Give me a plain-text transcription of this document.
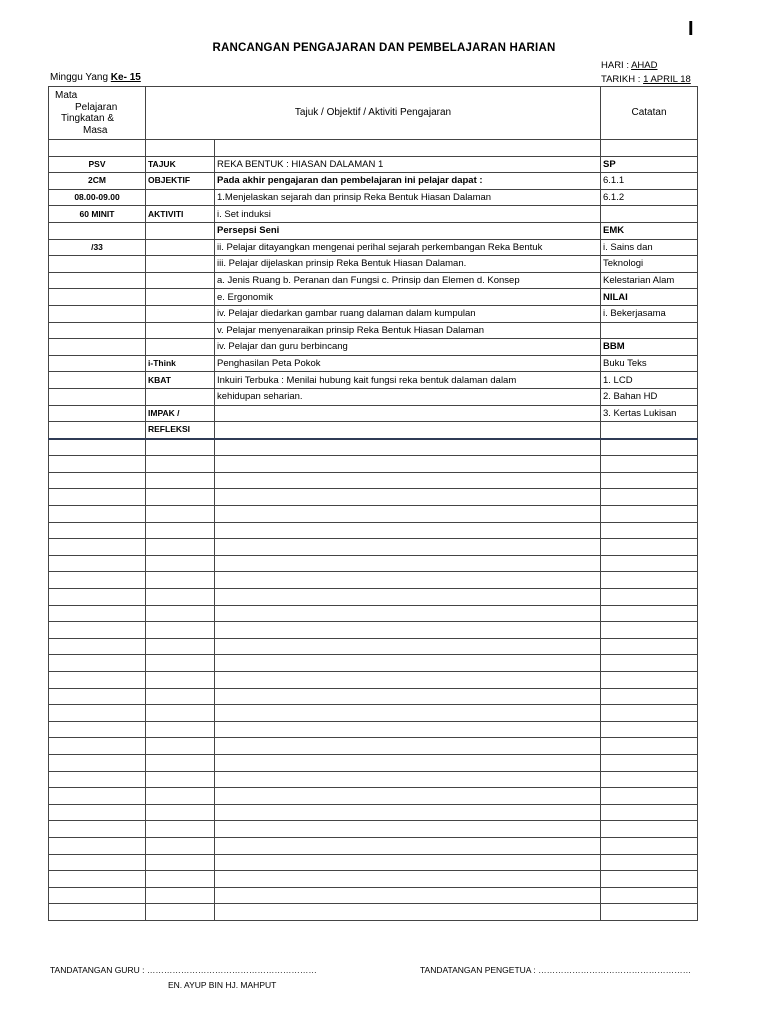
I
RANCANGAN PENGAJARAN DAN PEMBELAJARAN HARIAN
HARI : AHAD
Minggu Yang Ke- 15	TARIKH : 1 APRIL 18
Mata
Pelajaran
Tingkatan &
Masa	Tajuk / Objektif / Aktiviti Pengajaran		Catatan

PSV	TAJUK	REKA BENTUK : HIASAN DALAMAN 1	SP
2CM	OBJEKTIF	Pada akhir pengajaran dan pembelajaran ini pelajar dapat :	6.1.1
08.00-09.00		1.Menjelaskan sejarah dan prinsip Reka Bentuk Hiasan Dalaman	6.1.2
60 MINIT	AKTIVITI	i. Set induksi	
		Persepsi Seni	EMK
/33		ii. Pelajar ditayangkan mengenai perihal sejarah perkembangan Reka Bentuk	i. Sains dan
		iii. Pelajar dijelaskan prinsip Reka Bentuk Hiasan Dalaman.	Teknologi
		a. Jenis Ruang b. Peranan dan Fungsi c. Prinsip dan Elemen d. Konsep	Kelestarian Alam
		e. Ergonomik	NILAI
		iv. Pelajar diedarkan gambar ruang dalaman dalam kumpulan	i. Bekerjasama
		v. Pelajar menyenaraikan prinsip Reka Bentuk Hiasan Dalaman	
		iv. Pelajar dan guru berbincang	BBM
	i-Think	Penghasilan Peta Pokok	Buku Teks
	KBAT	Inkuiri Terbuka : Menilai hubung kait fungsi reka bentuk dalaman dalam	1. LCD
		kehidupan seharian.	2. Bahan HD
	IMPAK /		3. Kertas Lukisan
	REFLEKSI		

TANDATANGAN GURU : ……………………………………………………
EN. AYUP BIN HJ. MAHPUT
TANDATANGAN PENGETUA : ………………………………………………
